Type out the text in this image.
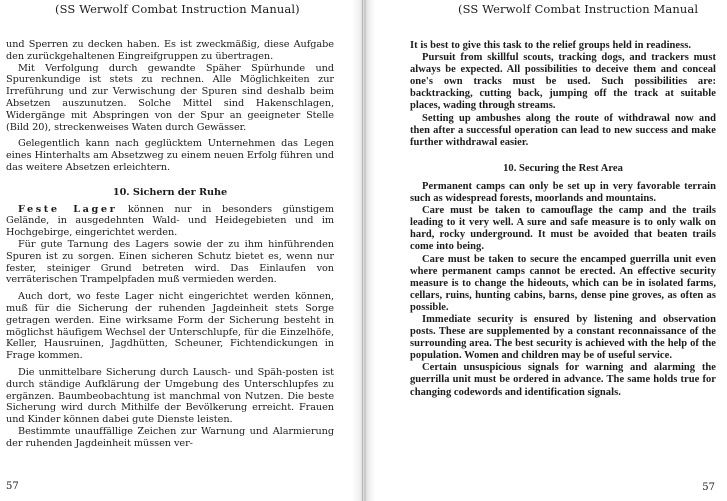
(SS Werwolf Combat Instruction Manual)

und Sperren zu decken haben. Es ist zweckmäßig, diese Aufgabe den zurückgehaltenen Eingreifgruppen zu übertragen.

Mit Verfolgung durch gewandte Späher Spürhunde und Spurenkundige ist stets zu rechnen. Alle Möglichkeiten zur Irreführung und zur Verwischung der Spuren sind deshalb beim Absetzen auszunutzen. Solche Mittel sind Hakenschlagen, Widergänge mit Abspringen von der Spur an geeigneter Stelle (Bild 20), streckenweises Waten durch Gewässer.

Gelegentlich kann nach geglücktem Unternehmen das Legen eines Hinterhalts am Absetzweg zu einem neuen Erfolg führen und das weitere Absetzen erleichtern.

10. Sichern der Ruhe

Feste Lager können nur in besonders günstigem Gelände, in ausgedehnten Wald- und Heidegebieten und im Hochgebirge, eingerichtet werden.

Für gute Tarnung des Lagers sowie der zu ihm hinführenden Spuren ist zu sorgen. Einen sicheren Schutz bietet es, wenn nur fester, steiniger Grund betreten wird. Das Einlaufen von verräterischen Trampelpfaden muß vermieden werden.

Auch dort, wo feste Lager nicht eingerichtet werden können, muß für die Sicherung der ruhenden Jagdeinheit stets Sorge getragen werden. Eine wirksame Form der Sicherung besteht in möglichst häufigem Wechsel der Unterschlupfe, für die Einzelhöfe, Keller, Hausruinen, Jagdhütten, Scheuner, Fichtendickungen in Frage kommen.

Die unmittelbare Sicherung durch Lausch- und Späh-posten ist durch ständige Aufklärung der Umgebung des Unterschlupfes zu ergänzen. Baumbeobachtung ist manchmal von Nutzen. Die beste Sicherung wird durch Mithilfe der Bevölkerung erreicht. Frauen und Kinder können dabei gute Dienste leisten.

Bestimmte unauffällige Zeichen zur Warnung und Alarmierung der ruhenden Jagdeinheit müssen ver-

57
(SS Werwolf Combat Instruction Manual

It is best to give this task to the relief groups held in readiness.

Pursuit from skillful scouts, tracking dogs, and trackers must always be expected. All possibilities to deceive them and conceal one's own tracks must be used. Such possibilities are: backtracking, cutting back, jumping off the track at suitable places, wading through streams.

Setting up ambushes along the route of withdrawal now and then after a successful operation can lead to new success and make further withdrawal easier.

10. Securing the Rest Area

Permanent camps can only be set up in very favorable terrain such as widespread forests, moorlands and mountains.

Care must be taken to camouflage the camp and the trails leading to it very well. A sure and safe measure is to only walk on hard, rocky underground. It must be avoided that beaten trails come into being.

Care must be taken to secure the encamped guerrilla unit even where permanent camps cannot be erected. An effective security measure is to change the hideouts, which can be in isolated farms, cellars, ruins, hunting cabins, barns, dense pine groves, as often as possible.

Immediate security is ensured by listening and observation posts. These are supplemented by a constant reconnaissance of the surrounding area. The best security is achieved with the help of the population. Women and children may be of useful service.

Certain unsuspicious signals for warning and alarming the guerrilla unit must be ordered in advance. The same holds true for changing codewords and identification signals.

57
